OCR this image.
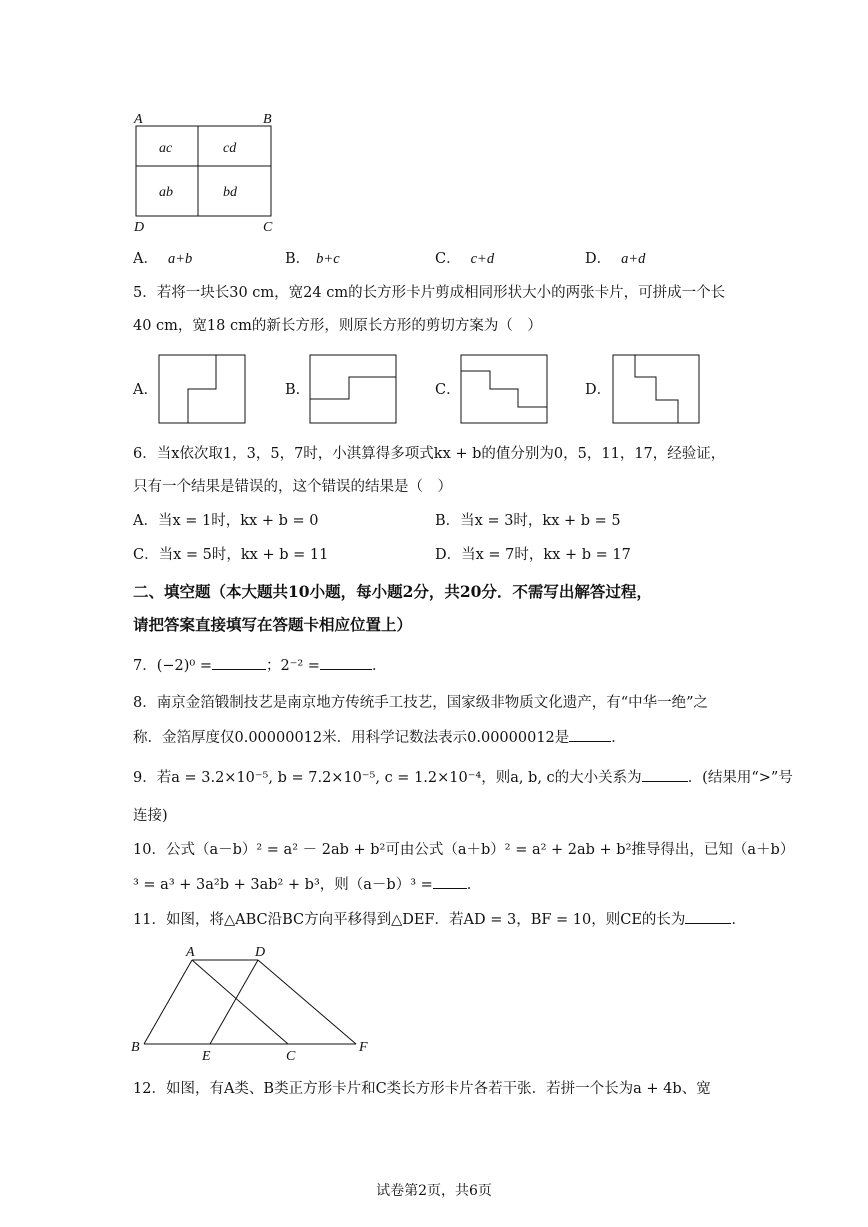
A	B
C
D
ac	cd
ab	bd
A． a+b	B． b+c	C． c+d	D． a+d
5．若将一块长30 cm，宽24 cm的长方形卡片剪成相同形状大小的两张卡片，可拼成一个长
40 cm，宽18 cm的新长方形，则原长方形的剪切方案为（　）
A．	B．	C．	D．
6．当x依次取1，3，5，7时，小淇算得多项式kx + b的值分别为0，5，11，17，经验证，
只有一个结果是错误的，这个错误的结果是（　）
A．当x = 1时，kx + b = 0	B．当x = 3时，kx + b = 5
C．当x = 5时，kx + b = 11	D．当x = 7时，kx + b = 17
二、填空题（本大题共10小题，每小题2分，共20分．不需写出解答过程，
请把答案直接填写在答题卡相应位置上）
7．(−2)⁰ =	；2⁻² =	．
8．南京金箔锻制技艺是南京地方传统手工技艺，国家级非物质文化遗产，有“中华一绝”之
称．金箔厚度仅0.00000012米．用科学记数法表示0.00000012是	．
9．若a = 3.2×10⁻⁵, b = 7.2×10⁻⁵, c = 1.2×10⁻⁴，则a, b, c的大小关系为	．(结果用“>”号
连接)
10．公式（a－b）² = a² － 2ab + b²可由公式（a＋b）² = a² + 2ab + b²推导得出，已知（a＋b）
³ = a³ + 3a²b + 3ab² + b³，则（a－b）³ = ．
11．如图，将△ABC沿BC方向平移得到△DEF．若AD = 3，BF = 10，则CE的长为	．
A	D
B
E	C
F
12．如图，有A类、B类正方形卡片和C类长方形卡片各若干张．若拼一个长为a + 4b、宽
试卷第2页，共6页
